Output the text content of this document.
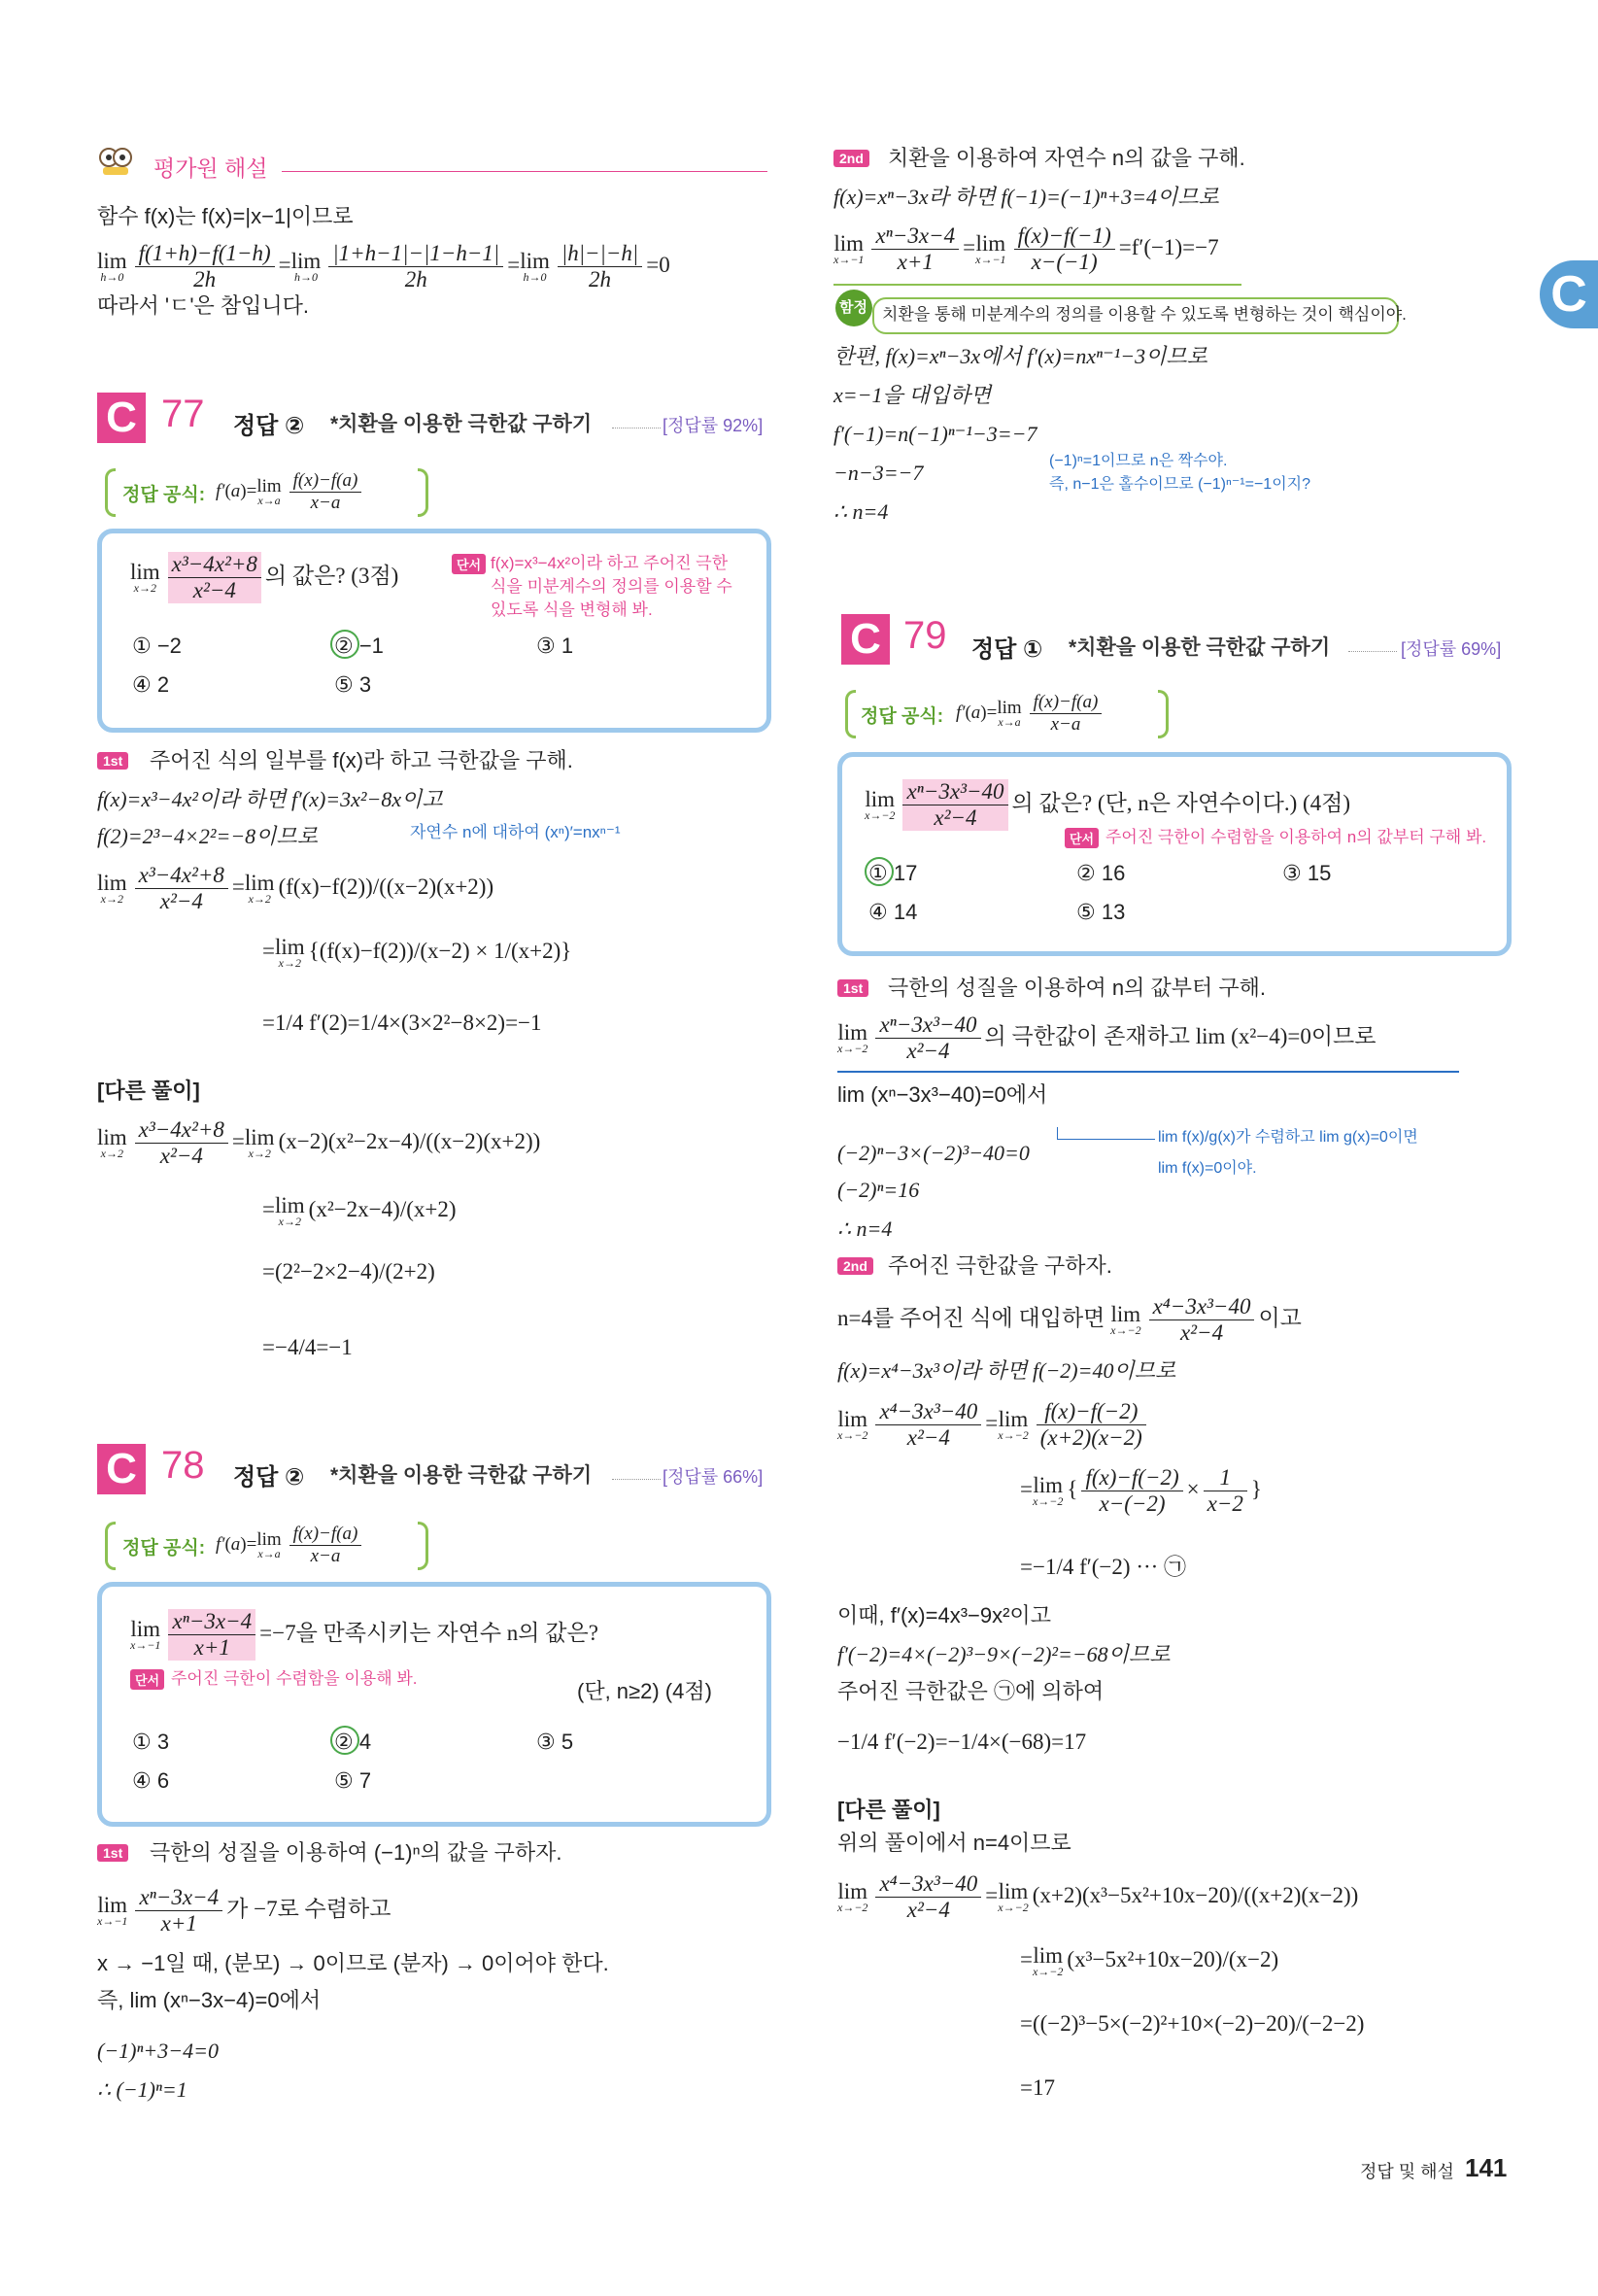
C
평가원 해설
함수 f(x)는 f(x)=|x−1|이므로
lim
$h\to 0 \frac{f(1+h)-f(1-h)}{2h} = \lim$
$h\to 0 \frac{|1+h-1|-|1-h-1|}{2h} = \lim$
$h\to 0 \frac{|h|-|-h|}{2h} =0$
따라서 'ㄷ'은 참입니다.
C 77 정답 ② *치환을 이용한 극한값 구하기	[정답률 92%]
정답 공식: f′(a)= lim
$x\to a \frac{f(x)-f(a)}{x-a}$
lim
$x\to 2 \frac{\text{x³−4x²+8}}{\text{x²−4}}$ 의 값은? (3점)	단서 f(x)=x³−4x²이라 하고 주어진 극한식을 미분계수의 정의를 이용할 수 있도록 식을 변형해 봐.
① −2	② −1	③ 1
④ 2	⑤ 3
1st 주어진 식의 일부를 f(x)라 하고 극한값을 구해.
f(x)=x³−4x²이라 하면 f′(x)=3x²−8x이고
f(2)=2³−4×2²=−8이므로	자연수 n에 대하여 (xⁿ)′=nxⁿ⁻¹
lim
$x\to 2 \frac{\text{x³−4x²+8}}{\text{x²−4}} = \lim$
x→2
(f(x)−f(2))/((x−2)(x+2))
= lim
x→2
{(f(x)−f(2))/(x−2) × 1/(x+2)}
=1/4 f′(2)=1/4×(3×2²−8×2)=−1
[다른 풀이]
lim
$x\to 2 \frac{\text{x³−4x²+8}}{\text{x²−4}} = \lim$
x→2
(x−2)(x²−2x−4)/((x−2)(x+2))
= lim
x→2
(x²−2x−4)/(x+2)
=(2²−2×2−4)/(2+2)
=−4/4=−1
C 78 정답 ② *치환을 이용한 극한값 구하기	[정답률 66%]
정답 공식: f′(a)= lim
$x\to a \frac{f(x)-f(a)}{x-a}$
lim
$x\to-1 \frac{\text{xⁿ−3x−4}}{x+1} =-7$을 만족시키는 자연수 n의 값은?
단서 주어진 극한이 수렴함을 이용해 봐.
(단, n≥2) (4점)
① 3	② 4	③ 5
④ 6	⑤ 7
1st 극한의 성질을 이용하여 (−1)ⁿ의 값을 구하자.
lim
$x\to-1 \frac{\text{xⁿ−3x−4}}{x+1}$ 가 −7로 수렴하고
x → −1일 때, (분모) → 0이므로 (분자) → 0이어야 한다.
즉, lim (xⁿ−3x−4)=0에서
(−1)ⁿ+3−4=0
∴ (−1)ⁿ=1
2nd 치환을 이용하여 자연수 n의 값을 구해.
f(x)=xⁿ−3x라 하면 f(−1)=(−1)ⁿ+3=4이므로
lim
$x\to-1 \frac{\text{xⁿ−3x−4}}{x+1} = \lim$
$x\to-1 \frac{f(x)-f(-1)}{x-(-1)} =f'(-1)=-7$
함정 치환을 통해 미분계수의 정의를 이용할 수 있도록 변형하는 것이 핵심이야.
한편, f(x)=xⁿ−3x에서 f′(x)=nxⁿ⁻¹−3이므로
x=−1을 대입하면
f′(−1)=n(−1)ⁿ⁻¹−3=−7
(−1)ⁿ=1이므로 n은 짝수야.
즉, n−1은 홀수이므로 (−1)ⁿ⁻¹=−1이지?
−n−3=−7
∴ n=4
C 79 정답 ① *치환을 이용한 극한값 구하기	[정답률 69%]
정답 공식: f′(a)= lim
$x\to a \frac{f(x)-f(a)}{x-a}$
lim
$x\to-2 \frac{\text{xⁿ−3x³−40}}{\text{x²−4}}$ 의 값은? (단, n은 자연수이다.) (4점)
단서 주어진 극한이 수렴함을 이용하여 n의 값부터 구해 봐.
① 17	② 16	③ 15
④ 14	⑤ 13
1st 극한의 성질을 이용하여 n의 값부터 구해.
lim
$x\to-2 \frac{\text{xⁿ−3x³−40}}{\text{x²−4}}$ 의 극한값이 존재하고 lim (x²−4)=0이므로
lim (xⁿ−3x³−40)=0에서
(−2)ⁿ−3×(−2)³−40=0
lim f(x)/g(x)가 수렴하고 lim g(x)=0이면
lim f(x)=0이야.
(−2)ⁿ=16
∴ n=4
2nd 주어진 극한값을 구하자.
n=4를 주어진 식에 대입하면 lim
$x\to-2 \frac{\text{x⁴−3x³−40}}{\text{x²−4}}$ 이고
f(x)=x⁴−3x³이라 하면 f(−2)=40이므로
lim
$x\to-2 \frac{\text{x⁴−3x³−40}}{\text{x²−4}} = \lim$
$x\to-2 \frac{f(x)-f(-2)}{(x+2)(x-2)}$
= lim
x→−2
{ $\frac{f(x)-f(-2)}{x-(-2)} \times \frac{1}{x-2}$ }
=−1/4 f′(−2) ··· ㉠
이때, f′(x)=4x³−9x²이고
f′(−2)=4×(−2)³−9×(−2)²=−68이므로
주어진 극한값은 ㉠에 의하여
−1/4 f′(−2)=−1/4×(−68)=17
[다른 풀이]
위의 풀이에서 n=4이므로
lim
$x\to-2 \frac{\text{x⁴−3x³−40}}{\text{x²−4}} = \lim$
x→−2
(x+2)(x³−5x²+10x−20)/((x+2)(x−2))
= lim
x→−2
(x³−5x²+10x−20)/(x−2)
=((−2)³−5×(−2)²+10×(−2)−20)/(−2−2)
=17
정답 및 해설 141
